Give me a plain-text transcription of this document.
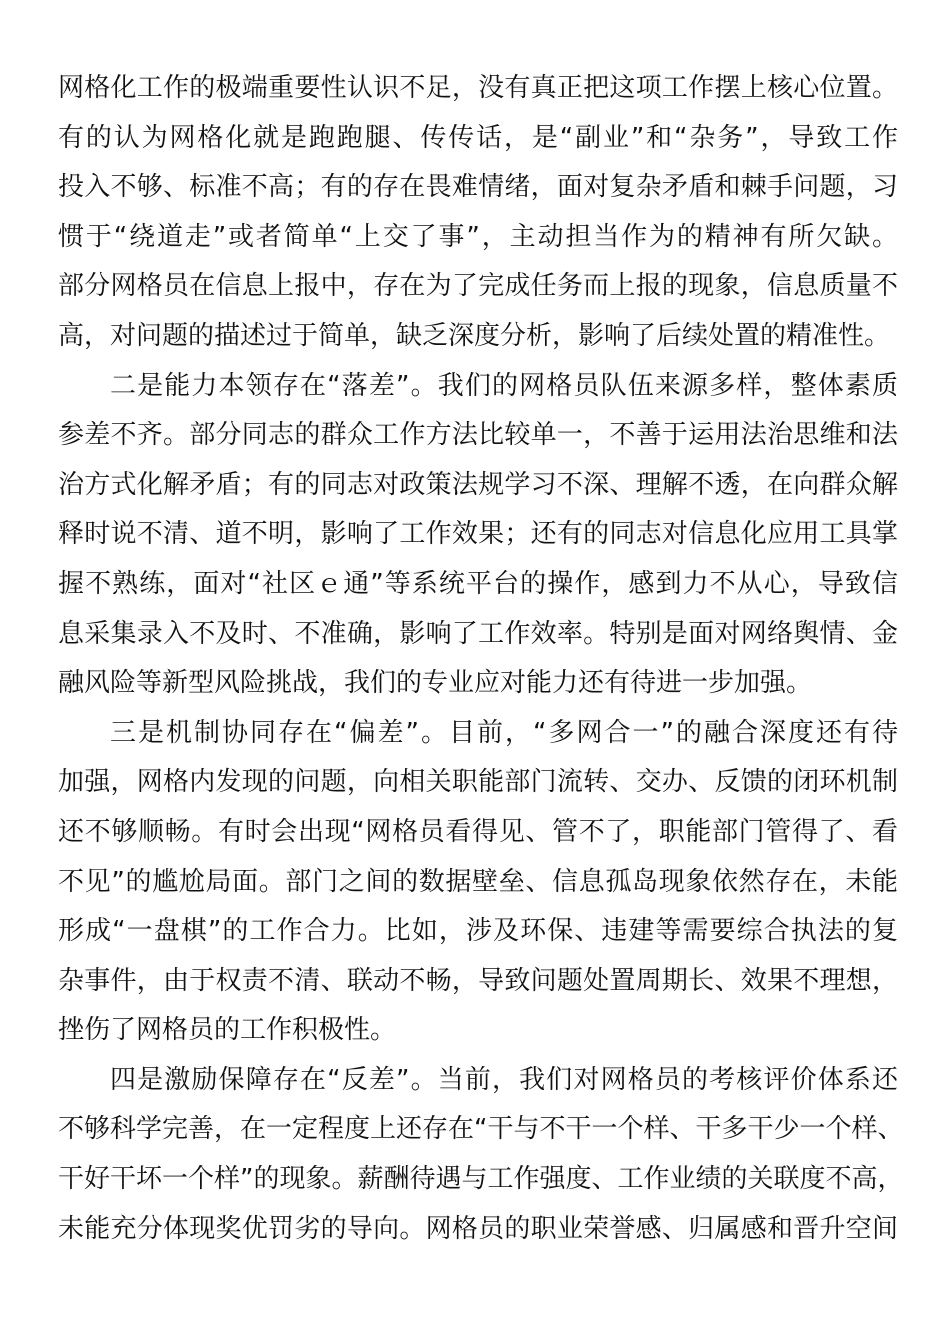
网格化工作的极端重要性认识不足，没有真正把这项工作摆上核心位置。
有的认为网格化就是跑跑腿、传传话，是“副业”和“杂务”，导致工作
投入不够、标准不高；有的存在畏难情绪，面对复杂矛盾和棘手问题，习
惯于“绕道走”或者简单“上交了事”，主动担当作为的精神有所欠缺。
部分网格员在信息上报中，存在为了完成任务而上报的现象，信息质量不
高，对问题的描述过于简单，缺乏深度分析，影响了后续处置的精准性。
二是能力本领存在“落差”。我们的网格员队伍来源多样，整体素质
参差不齐。部分同志的群众工作方法比较单一，不善于运用法治思维和法
治方式化解矛盾；有的同志对政策法规学习不深、理解不透，在向群众解
释时说不清、道不明，影响了工作效果；还有的同志对信息化应用工具掌
握不熟练，面对“社区ｅ通”等系统平台的操作，感到力不从心，导致信
息采集录入不及时、不准确，影响了工作效率。特别是面对网络舆情、金
融风险等新型风险挑战，我们的专业应对能力还有待进一步加强。
三是机制协同存在“偏差”。目前，“多网合一”的融合深度还有待
加强，网格内发现的问题，向相关职能部门流转、交办、反馈的闭环机制
还不够顺畅。有时会出现“网格员看得见、管不了，职能部门管得了、看
不见”的尴尬局面。部门之间的数据壁垒、信息孤岛现象依然存在，未能
形成“一盘棋”的工作合力。比如，涉及环保、违建等需要综合执法的复
杂事件，由于权责不清、联动不畅，导致问题处置周期长、效果不理想，
挫伤了网格员的工作积极性。
四是激励保障存在“反差”。当前，我们对网格员的考核评价体系还
不够科学完善，在一定程度上还存在“干与不干一个样、干多干少一个样、
干好干坏一个样”的现象。薪酬待遇与工作强度、工作业绩的关联度不高，
未能充分体现奖优罚劣的导向。网格员的职业荣誉感、归属感和晋升空间
